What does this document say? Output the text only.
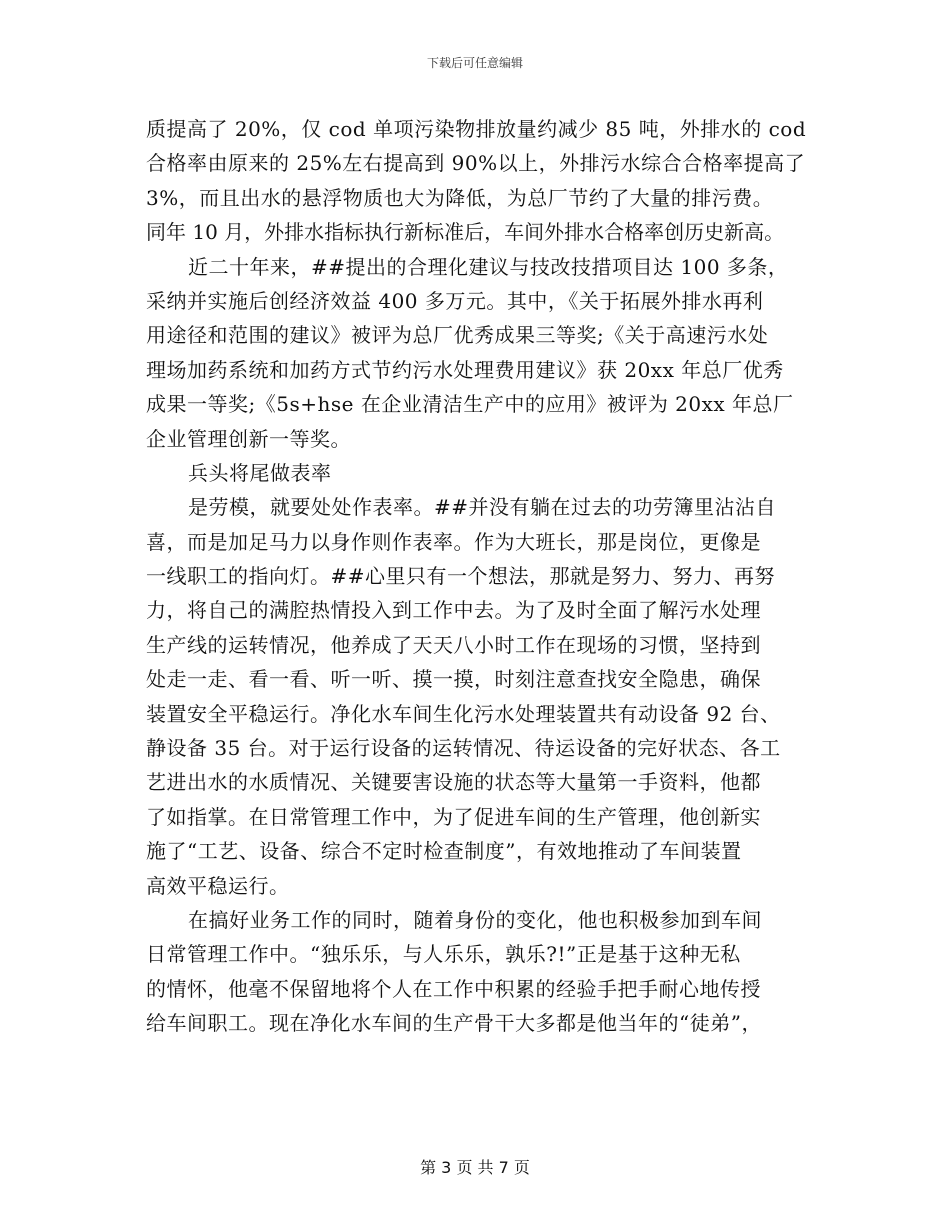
下载后可任意编辑
质提高了 20%，仅 cod 单项污染物排放量约减少 85 吨，外排水的 cod
合格率由原来的 25%左右提高到 90%以上，外排污水综合合格率提高了
3%，而且出水的悬浮物质也大为降低，为总厂节约了大量的排污费。
同年 10 月，外排水指标执行新标准后，车间外排水合格率创历史新高。
近二十年来，##提出的合理化建议与技改技措项目达 100 多条，
采纳并实施后创经济效益 400 多万元。其中，《关于拓展外排水再利
用途径和范围的建议》被评为总厂优秀成果三等奖;《关于高速污水处
理场加药系统和加药方式节约污水处理费用建议》获 20xx 年总厂优秀
成果一等奖;《5s+hse 在企业清洁生产中的应用》被评为 20xx 年总厂
企业管理创新一等奖。
兵头将尾做表率
是劳模，就要处处作表率。##并没有躺在过去的功劳簿里沾沾自
喜，而是加足马力以身作则作表率。作为大班长，那是岗位，更像是
一线职工的指向灯。##心里只有一个想法，那就是努力、努力、再努
力，将自己的满腔热情投入到工作中去。为了及时全面了解污水处理
生产线的运转情况，他养成了天天八小时工作在现场的习惯，坚持到
处走一走、看一看、听一听、摸一摸，时刻注意查找安全隐患，确保
装置安全平稳运行。净化水车间生化污水处理装置共有动设备 92 台、
静设备 35 台。对于运行设备的运转情况、待运设备的完好状态、各工
艺进出水的水质情况、关键要害设施的状态等大量第一手资料，他都
了如指掌。在日常管理工作中，为了促进车间的生产管理，他创新实
施了“工艺、设备、综合不定时检查制度”，有效地推动了车间装置
高效平稳运行。
在搞好业务工作的同时，随着身份的变化，他也积极参加到车间
日常管理工作中。“独乐乐，与人乐乐，孰乐?!”正是基于这种无私
的情怀，他毫不保留地将个人在工作中积累的经验手把手耐心地传授
给车间职工。现在净化水车间的生产骨干大多都是他当年的“徒弟”，
第 3 页 共 7 页
